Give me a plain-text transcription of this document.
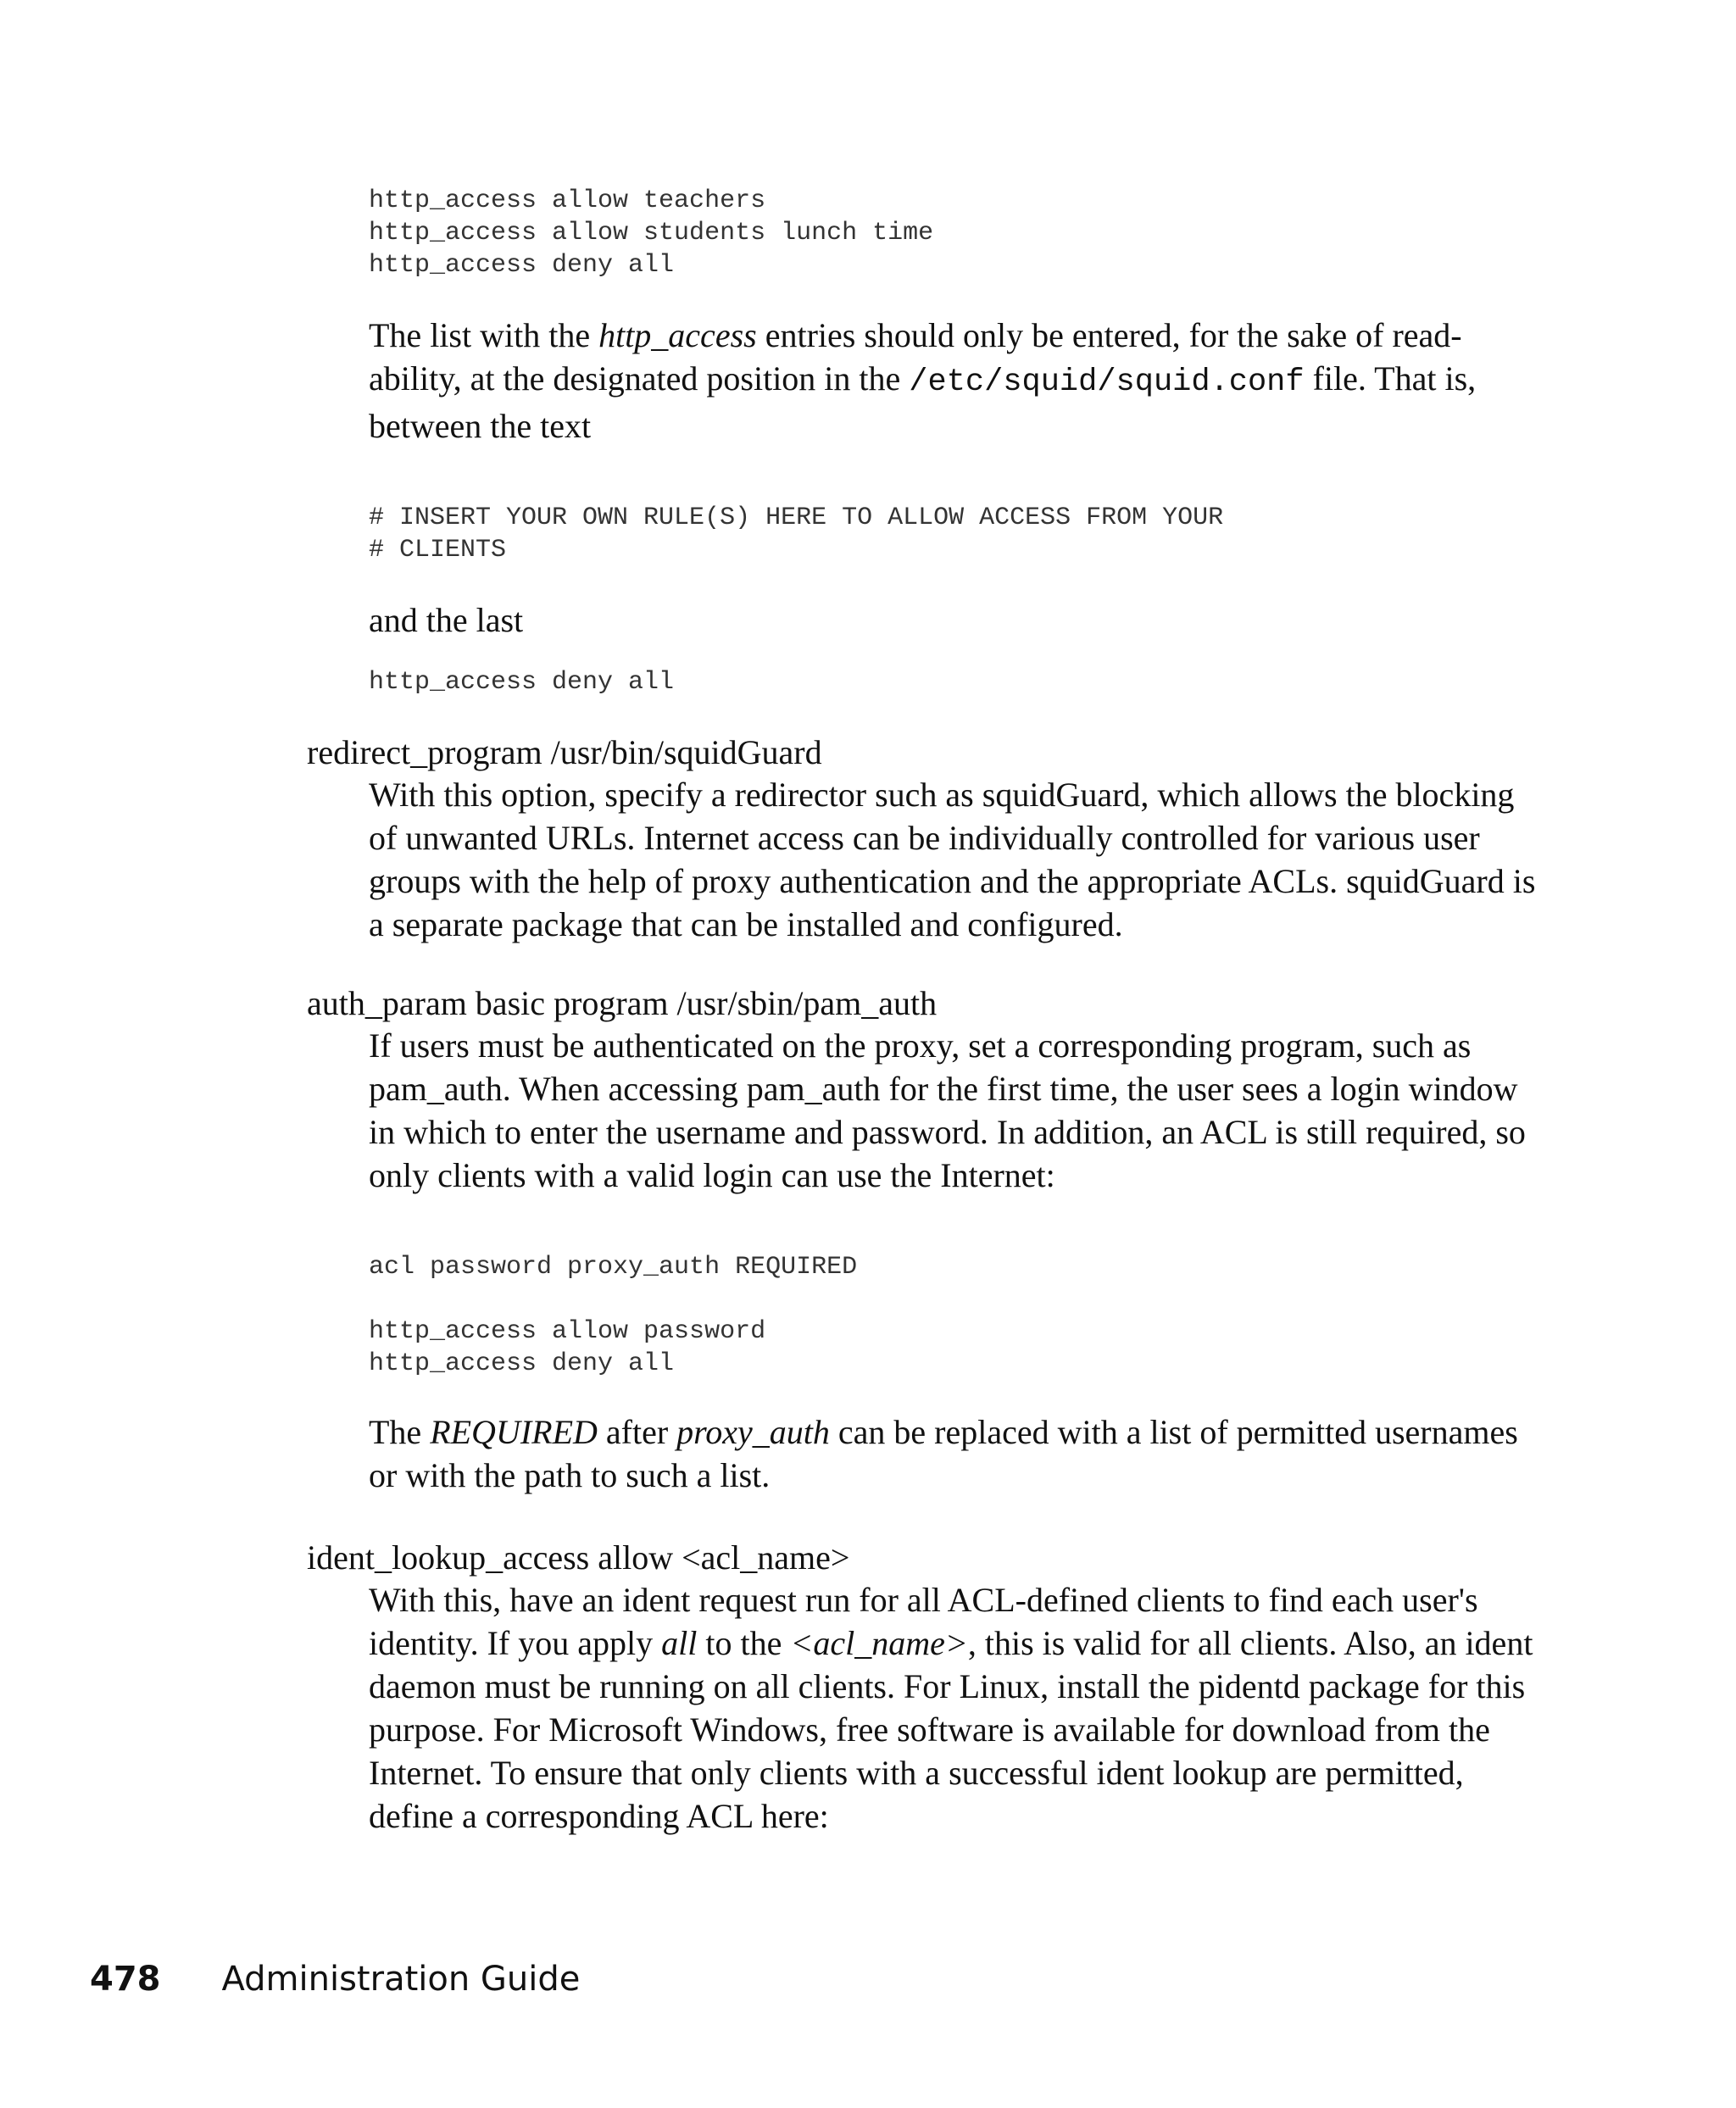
http_access allow teachers
http_access allow students lunch time
http_access deny all

The list with the http_access entries should only be entered, for the sake of read-ability, at the designated position in the /etc/squid/squid.conf file. That is, between the text

# INSERT YOUR OWN RULE(S) HERE TO ALLOW ACCESS FROM YOUR
# CLIENTS

and the last

http_access deny all

redirect_program /usr/bin/squidGuard

With this option, specify a redirector such as squidGuard, which allows the blocking of unwanted URLs. Internet access can be individually controlled for various user groups with the help of proxy authentication and the appropriate ACLs. squidGuard is a separate package that can be installed and configured.

auth_param basic program /usr/sbin/pam_auth

If users must be authenticated on the proxy, set a corresponding program, such as pam_auth. When accessing pam_auth for the first time, the user sees a login window in which to enter the username and password. In addition, an ACL is still required, so only clients with a valid login can use the Internet:

acl password proxy_auth REQUIRED
http_access allow password
http_access deny all

The REQUIRED after proxy_auth can be replaced with a list of permitted usernames or with the path to such a list.

ident_lookup_access allow <acl_name>

With this, have an ident request run for all ACL-defined clients to find each user's identity. If you apply all to the <acl_name>, this is valid for all clients. Also, an ident daemon must be running on all clients. For Linux, install the pidentd package for this purpose. For Microsoft Windows, free software is available for download from the Internet. To ensure that only clients with a successful ident lookup are permitted, define a corresponding ACL here:

478 Administration Guide
